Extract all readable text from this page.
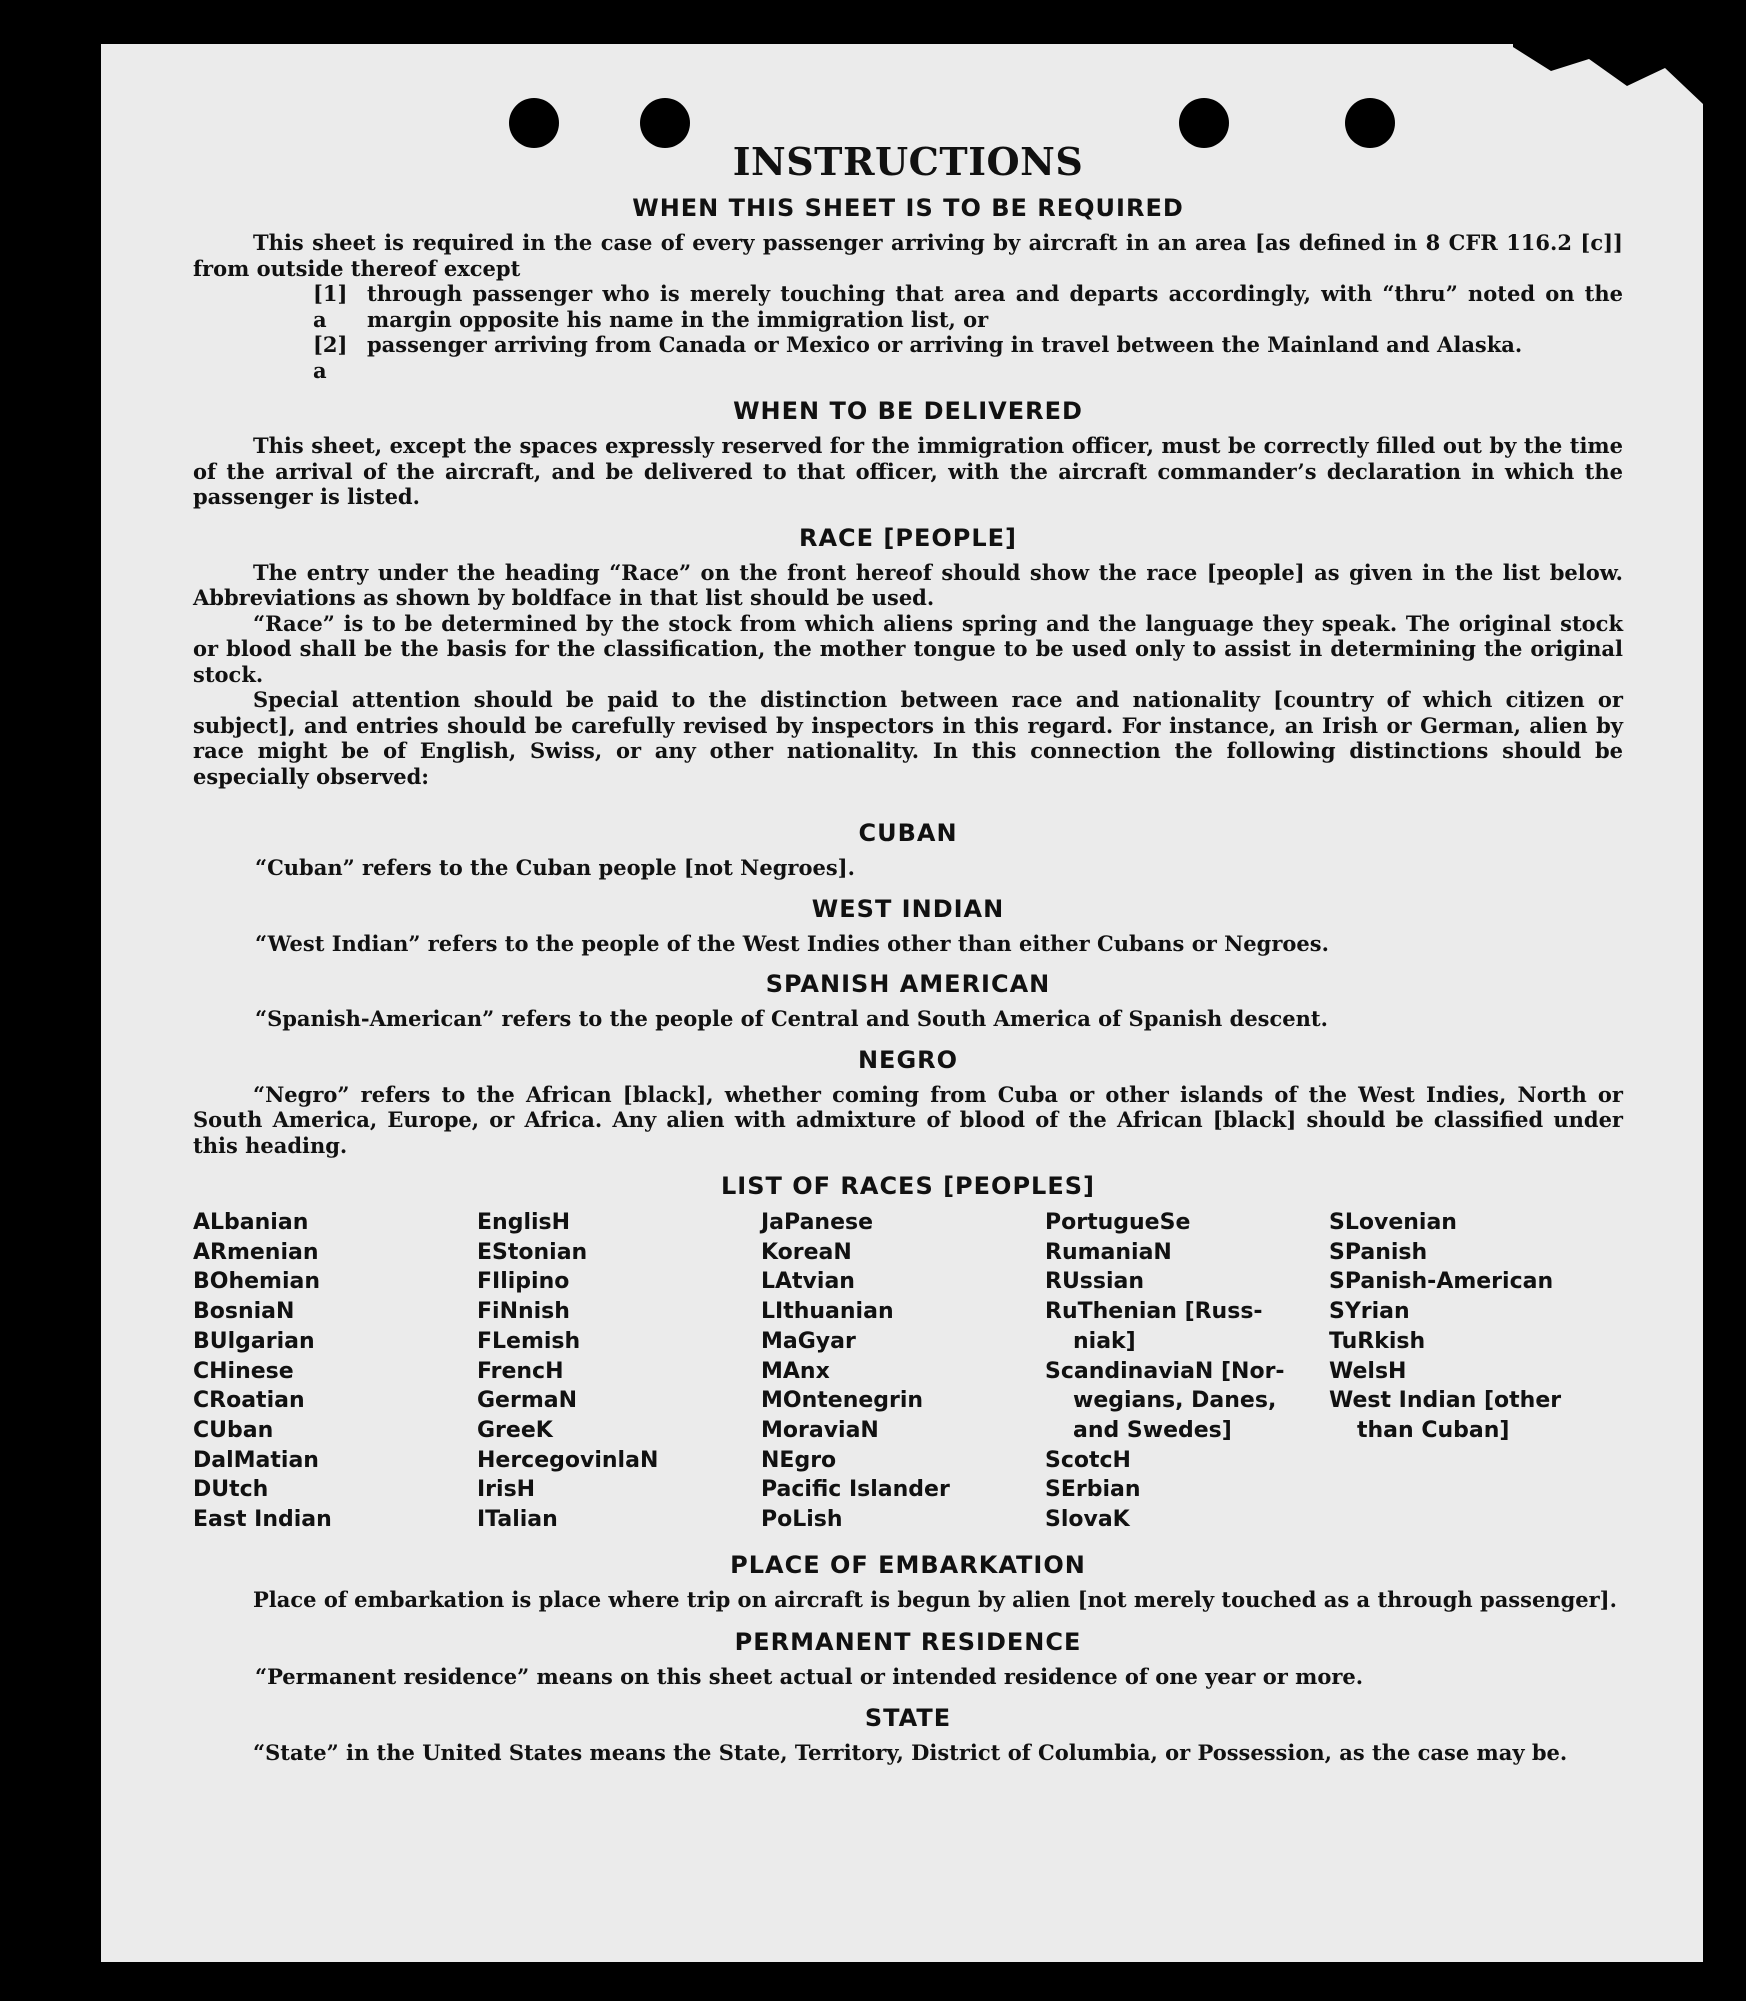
INSTRUCTIONS
WHEN THIS SHEET IS TO BE REQUIRED

This sheet is required in the case of every passenger arriving by aircraft in an area [as defined in 8 CFR 116.2 [c]] from outside thereof except

[1] a
through passenger who is merely touching that area and departs accordingly, with “thru” noted on the margin opposite his name in the immigration list, or
[2] a
passenger arriving from Canada or Mexico or arriving in travel between the Mainland and Alaska.
WHEN TO BE DELIVERED

This sheet, except the spaces expressly reserved for the immigration officer, must be correctly filled out by the time of the arrival of the aircraft, and be delivered to that officer, with the aircraft commander’s declaration in which the passenger is listed.

RACE [PEOPLE]

The entry under the heading “Race” on the front hereof should show the race [people] as given in the list below. Abbreviations as shown by boldface in that list should be used.

“Race” is to be determined by the stock from which aliens spring and the language they speak. The original stock or blood shall be the basis for the classification, the mother tongue to be used only to assist in determining the original stock.

Special attention should be paid to the distinction between race and nationality [country of which citizen or subject], and entries should be carefully revised by inspectors in this regard. For instance, an Irish or German, alien by race might be of English, Swiss, or any other nationality. In this connection the following distinctions should be especially observed:

CUBAN

“Cuban” refers to the Cuban people [not Negroes].

WEST INDIAN

“West Indian” refers to the people of the West Indies other than either Cubans or Negroes.

SPANISH AMERICAN

“Spanish-American” refers to the people of Central and South America of Spanish descent.

NEGRO

“Negro” refers to the African [black], whether coming from Cuba or other islands of the West Indies, North or South America, Europe, or Africa. Any alien with admixture of blood of the African [black] should be classified under this heading.

LIST OF RACES [PEOPLES]
ALbanian
ARmenian
BOhemian
BosniaN
BUlgarian
CHinese
CRoatian
CUban
DalMatian
DUtch
East Indian
EnglisH
EStonian
FIlipino
FiNnish
FLemish
FrencH
GermaN
GreeK
HercegovinlaN
IrisH
ITalian
JaPanese
KoreaN
LAtvian
LIthuanian
MaGyar
MAnx
MOntenegrin
MoraviaN
NEgro
Pacific Islander
PoLish
PortugueSe
RumaniaN
RUssian
RuThenian [Russ-
niak]
ScandinaviaN [Nor-
wegians, Danes,
and Swedes]
ScotcH
SErbian
SlovaK
SLovenian
SPanish
SPanish-American
SYrian
TuRkish
WelsH
West Indian [other
than Cuban]
PLACE OF EMBARKATION

Place of embarkation is place where trip on aircraft is begun by alien [not merely touched as a through passenger].

PERMANENT RESIDENCE

“Permanent residence” means on this sheet actual or intended residence of one year or more.

STATE

“State” in the United States means the State, Territory, District of Columbia, or Possession, as the case may be.
